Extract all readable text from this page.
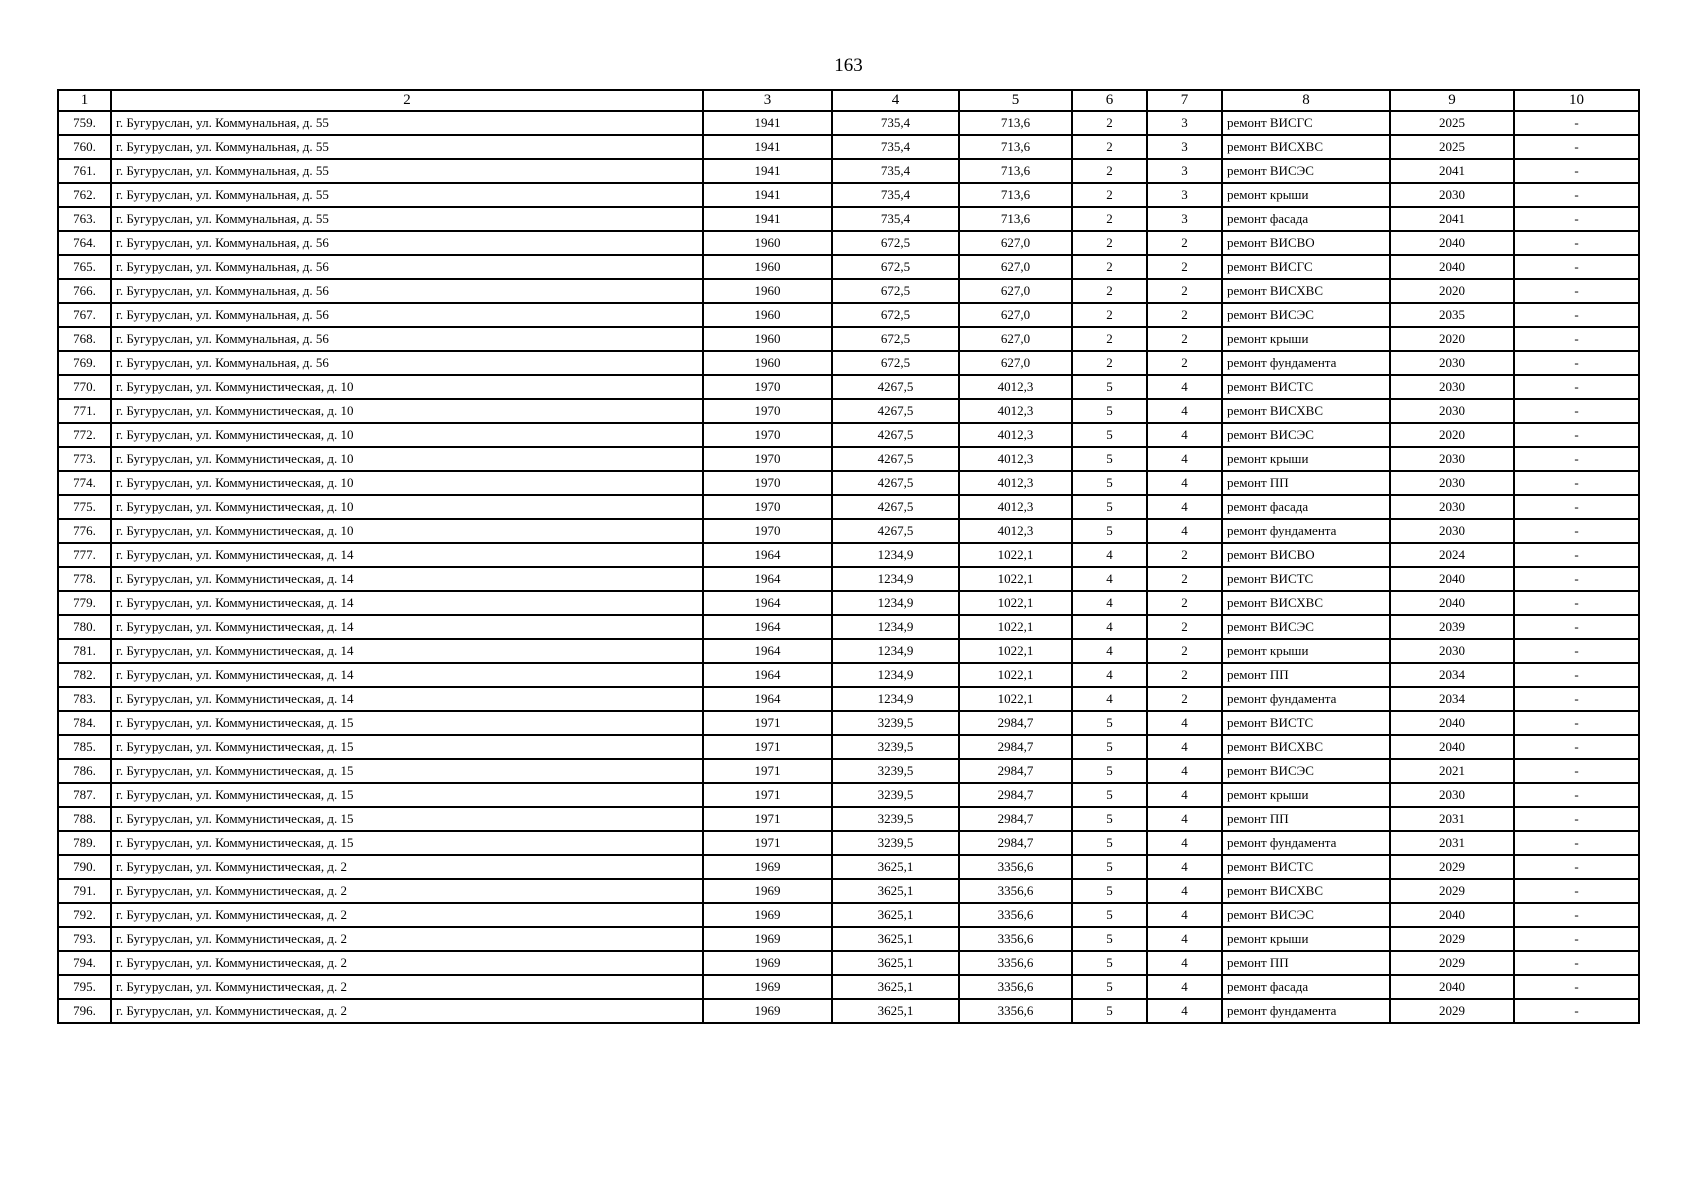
163
1	2	3	4	5	6	7	8	9	10
759.	г. Бугуруслан, ул. Коммунальная, д. 55	1941	735,4	713,6	2	3	ремонт ВИСГС	2025	-
760.	г. Бугуруслан, ул. Коммунальная, д. 55	1941	735,4	713,6	2	3	ремонт ВИСХВС	2025	-
761.	г. Бугуруслан, ул. Коммунальная, д. 55	1941	735,4	713,6	2	3	ремонт ВИСЭС	2041	-
762.	г. Бугуруслан, ул. Коммунальная, д. 55	1941	735,4	713,6	2	3	ремонт крыши	2030	-
763.	г. Бугуруслан, ул. Коммунальная, д. 55	1941	735,4	713,6	2	3	ремонт фасада	2041	-
764.	г. Бугуруслан, ул. Коммунальная, д. 56	1960	672,5	627,0	2	2	ремонт ВИСВО	2040	-
765.	г. Бугуруслан, ул. Коммунальная, д. 56	1960	672,5	627,0	2	2	ремонт ВИСГС	2040	-
766.	г. Бугуруслан, ул. Коммунальная, д. 56	1960	672,5	627,0	2	2	ремонт ВИСХВС	2020	-
767.	г. Бугуруслан, ул. Коммунальная, д. 56	1960	672,5	627,0	2	2	ремонт ВИСЭС	2035	-
768.	г. Бугуруслан, ул. Коммунальная, д. 56	1960	672,5	627,0	2	2	ремонт крыши	2020	-
769.	г. Бугуруслан, ул. Коммунальная, д. 56	1960	672,5	627,0	2	2	ремонт фундамента	2030	-
770.	г. Бугуруслан, ул. Коммунистическая, д. 10	1970	4267,5	4012,3	5	4	ремонт ВИСТС	2030	-
771.	г. Бугуруслан, ул. Коммунистическая, д. 10	1970	4267,5	4012,3	5	4	ремонт ВИСХВС	2030	-
772.	г. Бугуруслан, ул. Коммунистическая, д. 10	1970	4267,5	4012,3	5	4	ремонт ВИСЭС	2020	-
773.	г. Бугуруслан, ул. Коммунистическая, д. 10	1970	4267,5	4012,3	5	4	ремонт крыши	2030	-
774.	г. Бугуруслан, ул. Коммунистическая, д. 10	1970	4267,5	4012,3	5	4	ремонт ПП	2030	-
775.	г. Бугуруслан, ул. Коммунистическая, д. 10	1970	4267,5	4012,3	5	4	ремонт фасада	2030	-
776.	г. Бугуруслан, ул. Коммунистическая, д. 10	1970	4267,5	4012,3	5	4	ремонт фундамента	2030	-
777.	г. Бугуруслан, ул. Коммунистическая, д. 14	1964	1234,9	1022,1	4	2	ремонт ВИСВО	2024	-
778.	г. Бугуруслан, ул. Коммунистическая, д. 14	1964	1234,9	1022,1	4	2	ремонт ВИСТС	2040	-
779.	г. Бугуруслан, ул. Коммунистическая, д. 14	1964	1234,9	1022,1	4	2	ремонт ВИСХВС	2040	-
780.	г. Бугуруслан, ул. Коммунистическая, д. 14	1964	1234,9	1022,1	4	2	ремонт ВИСЭС	2039	-
781.	г. Бугуруслан, ул. Коммунистическая, д. 14	1964	1234,9	1022,1	4	2	ремонт крыши	2030	-
782.	г. Бугуруслан, ул. Коммунистическая, д. 14	1964	1234,9	1022,1	4	2	ремонт ПП	2034	-
783.	г. Бугуруслан, ул. Коммунистическая, д. 14	1964	1234,9	1022,1	4	2	ремонт фундамента	2034	-
784.	г. Бугуруслан, ул. Коммунистическая, д. 15	1971	3239,5	2984,7	5	4	ремонт ВИСТС	2040	-
785.	г. Бугуруслан, ул. Коммунистическая, д. 15	1971	3239,5	2984,7	5	4	ремонт ВИСХВС	2040	-
786.	г. Бугуруслан, ул. Коммунистическая, д. 15	1971	3239,5	2984,7	5	4	ремонт ВИСЭС	2021	-
787.	г. Бугуруслан, ул. Коммунистическая, д. 15	1971	3239,5	2984,7	5	4	ремонт крыши	2030	-
788.	г. Бугуруслан, ул. Коммунистическая, д. 15	1971	3239,5	2984,7	5	4	ремонт ПП	2031	-
789.	г. Бугуруслан, ул. Коммунистическая, д. 15	1971	3239,5	2984,7	5	4	ремонт фундамента	2031	-
790.	г. Бугуруслан, ул. Коммунистическая, д. 2	1969	3625,1	3356,6	5	4	ремонт ВИСТС	2029	-
791.	г. Бугуруслан, ул. Коммунистическая, д. 2	1969	3625,1	3356,6	5	4	ремонт ВИСХВС	2029	-
792.	г. Бугуруслан, ул. Коммунистическая, д. 2	1969	3625,1	3356,6	5	4	ремонт ВИСЭС	2040	-
793.	г. Бугуруслан, ул. Коммунистическая, д. 2	1969	3625,1	3356,6	5	4	ремонт крыши	2029	-
794.	г. Бугуруслан, ул. Коммунистическая, д. 2	1969	3625,1	3356,6	5	4	ремонт ПП	2029	-
795.	г. Бугуруслан, ул. Коммунистическая, д. 2	1969	3625,1	3356,6	5	4	ремонт фасада	2040	-
796.	г. Бугуруслан, ул. Коммунистическая, д. 2	1969	3625,1	3356,6	5	4	ремонт фундамента	2029	-
